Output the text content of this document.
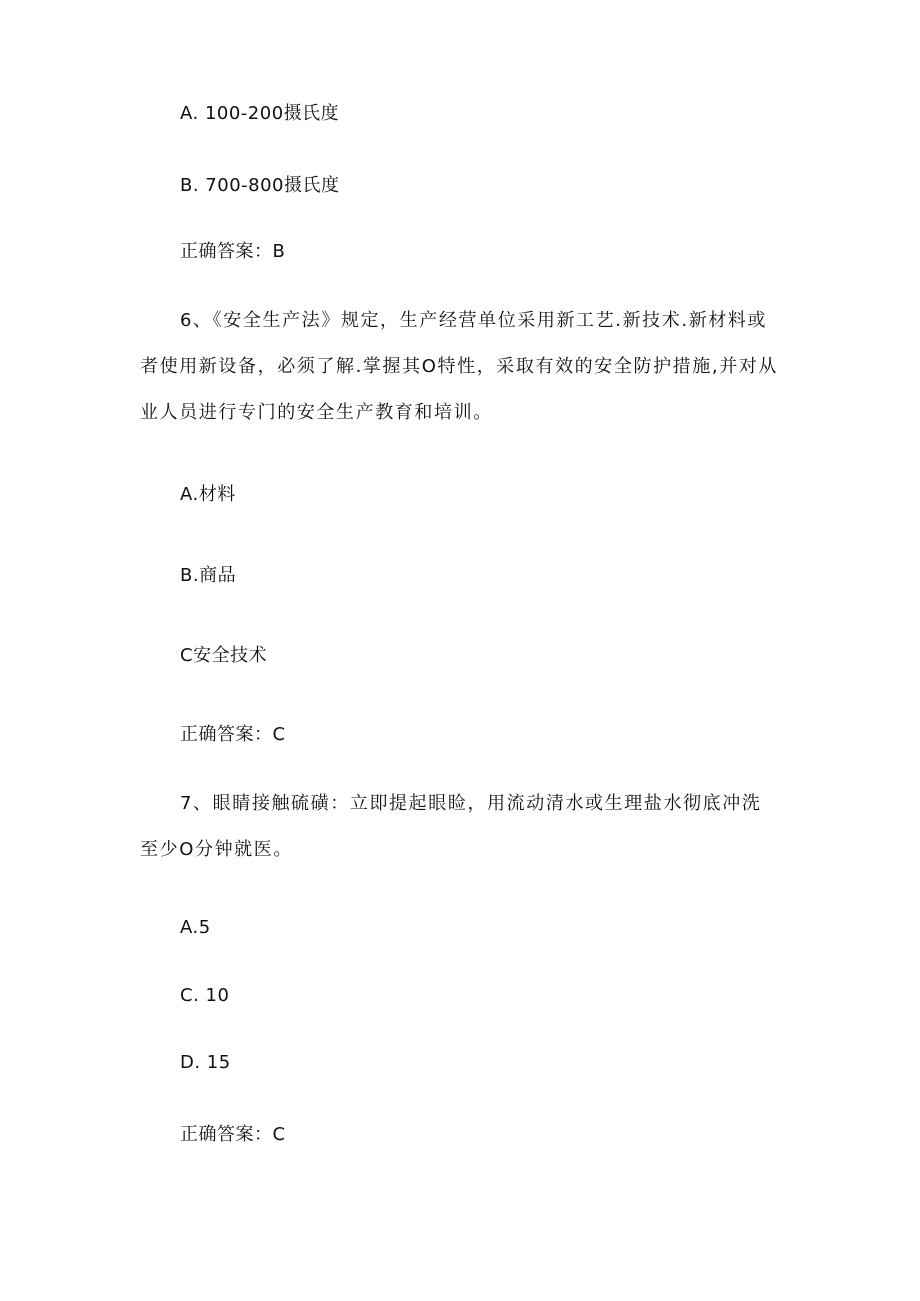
A. 100-200摄氏度
B. 700-800摄氏度
正确答案：B
6、《安全生产法》规定，生产经营单位采用新工艺.新技术.新材料或者使用新设备，必须了解.掌握其O特性，采取有效的安全防护措施,并对从业人员进行专门的安全生产教育和培训。
A.材料
B.商品
C安全技术
正确答案：C
7、眼睛接触硫磺：立即提起眼睑，用流动清水或生理盐水彻底冲洗至少O分钟就医。
A.5
C. 10
D. 15
正确答案：C
